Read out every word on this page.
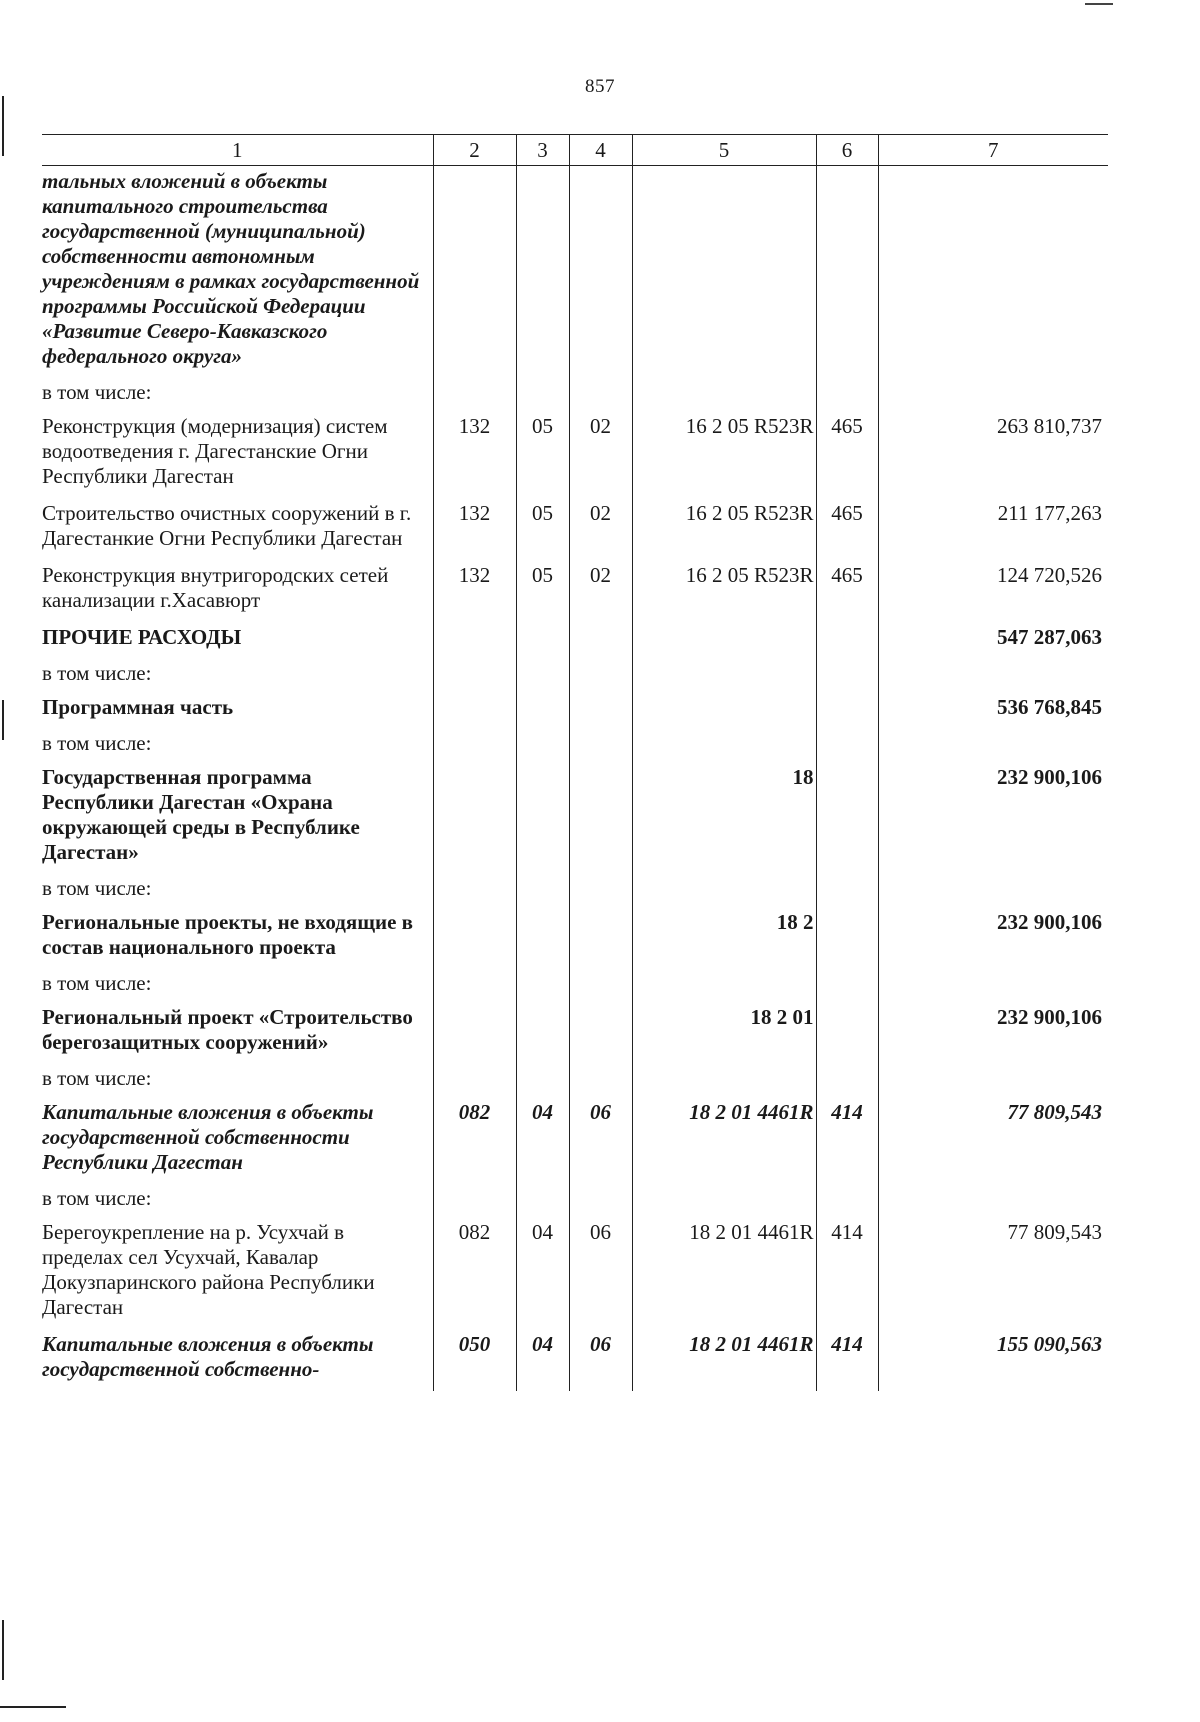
857
1	2	3	4	5	6	7
тальных вложений в объекты капитального строительства государственной (муниципальной) собственности автономным учреждениям в рамках государственной программы Российской Федерации «Развитие Северо-Кавказского федерального округа»						
в том числе:						
Реконструкция (модернизация) систем водоотведения г. Дагестанские Огни Республики Дагестан	132	05	02	16 2 05 R523R	465	263 810,737
Строительство очистных сооружений в г. Дагестанкие Огни Республики Дагестан	132	05	02	16 2 05 R523R	465	211 177,263
Реконструкция внутригородских сетей канализации г.Хасавюрт	132	05	02	16 2 05 R523R	465	124 720,526
ПРОЧИЕ РАСХОДЫ						547 287,063
в том числе:						
Программная часть						536 768,845
в том числе:						
Государственная программа Республики Дагестан «Охрана окружающей среды в Республике Дагестан»				18		232 900,106
в том числе:						
Региональные проекты, не входящие в состав национального проекта				18 2		232 900,106
в том числе:						
Региональный проект «Строительство берегозащитных сооружений»				18 2 01		232 900,106
в том числе:						
Капитальные вложения в объекты государственной собственности Республики Дагестан	082	04	06	18 2 01 4461R	414	77 809,543
в том числе:						
Берегоукрепление на р. Усухчай в пределах сел Усухчай, Кавалар Докузпаринского района Республики Дагестан	082	04	06	18 2 01 4461R	414	77 809,543
Капитальные вложения в объекты государственной собственно-	050	04	06	18 2 01 4461R	414	155 090,563
